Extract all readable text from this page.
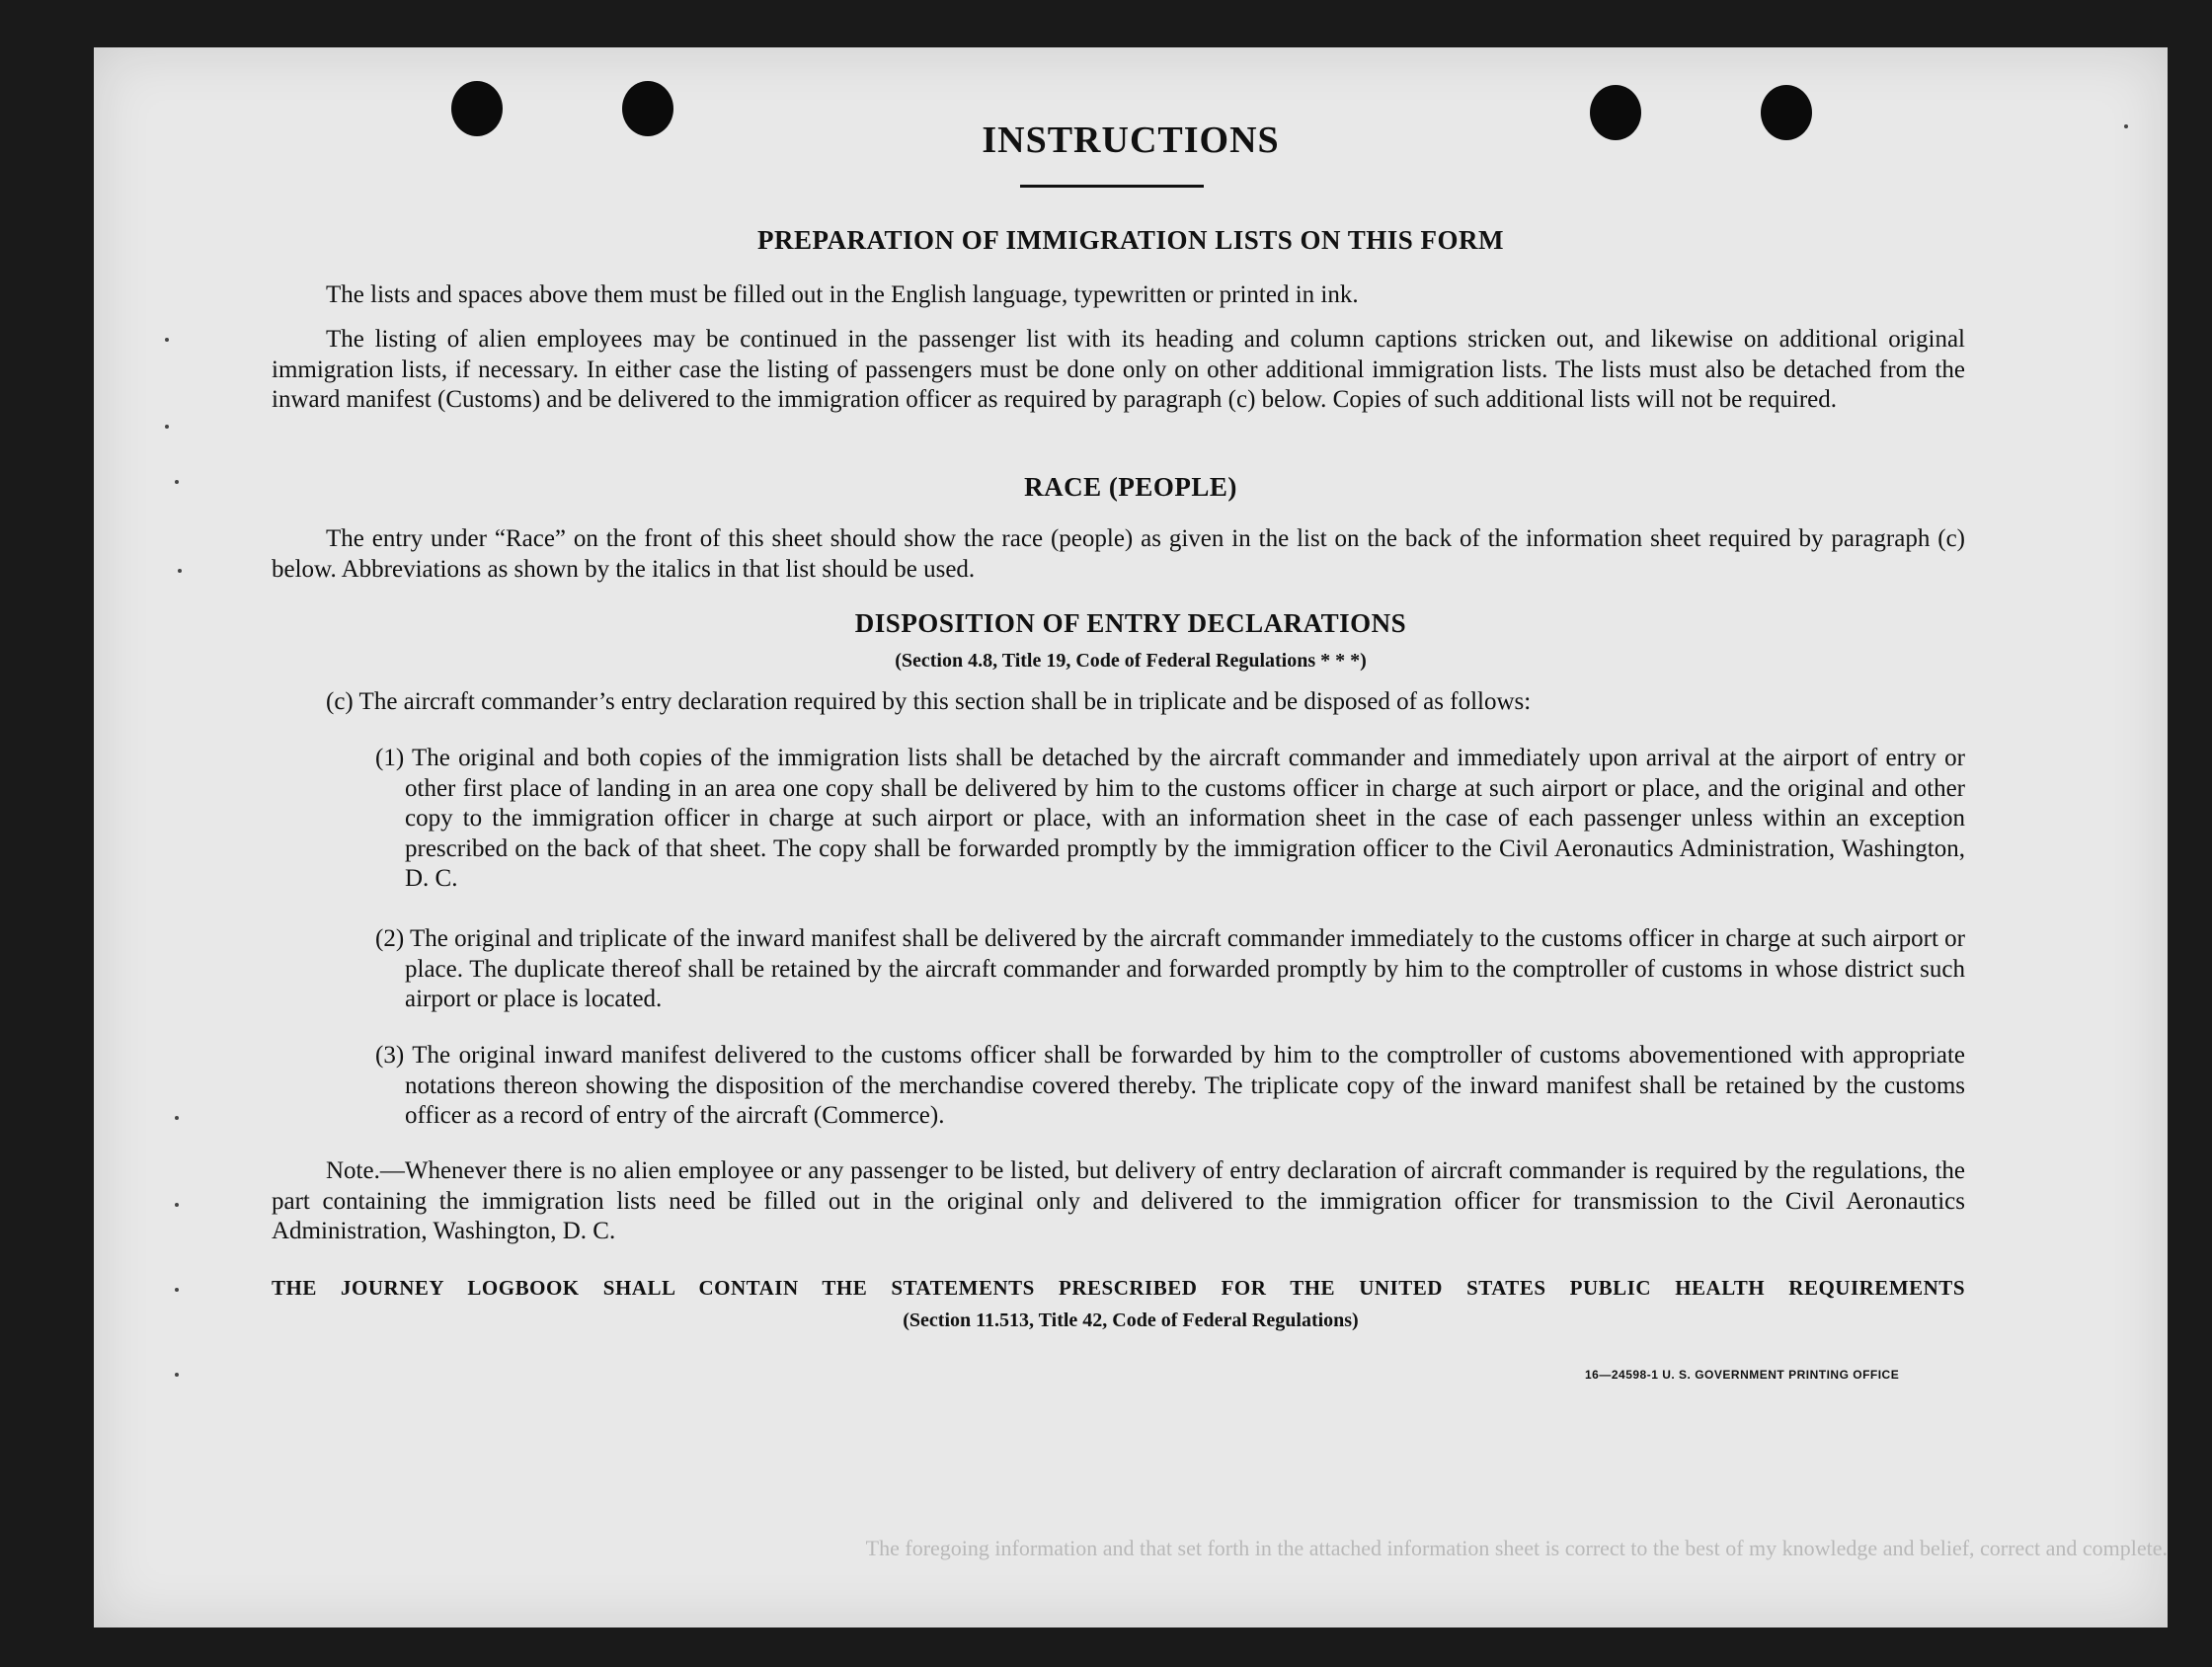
INSTRUCTIONS
PREPARATION OF IMMIGRATION LISTS ON THIS FORM
The lists and spaces above them must be filled out in the English language, typewritten or printed in ink.
The listing of alien employees may be continued in the passenger list with its heading and column captions stricken out, and likewise on additional original immigration lists, if necessary. In either case the listing of passengers must be done only on other additional immigration lists. The lists must also be detached from the inward manifest (Customs) and be delivered to the immigration officer as required by paragraph (c) below. Copies of such additional lists will not be required.
RACE (PEOPLE)
The entry under “Race” on the front of this sheet should show the race (people) as given in the list on the back of the information sheet required by paragraph (c) below. Abbreviations as shown by the italics in that list should be used.
DISPOSITION OF ENTRY DECLARATIONS
(Section 4.8, Title 19, Code of Federal Regulations * * *)
(c) The aircraft commander’s entry declaration required by this section shall be in triplicate and be disposed of as follows:
(1) The original and both copies of the immigration lists shall be detached by the aircraft commander and immediately upon arrival at the airport of entry or other first place of landing in an area one copy shall be delivered by him to the customs officer in charge at such airport or place, and the original and other copy to the immigration officer in charge at such airport or place, with an information sheet in the case of each passenger unless within an exception prescribed on the back of that sheet. The copy shall be forwarded promptly by the immigration officer to the Civil Aeronautics Administration, Washington, D. C.
(2) The original and triplicate of the inward manifest shall be delivered by the aircraft commander immediately to the customs officer in charge at such airport or place. The duplicate thereof shall be retained by the aircraft commander and forwarded promptly by him to the comptroller of customs in whose district such airport or place is located.
(3) The original inward manifest delivered to the customs officer shall be forwarded by him to the comptroller of customs abovementioned with appropriate notations thereon showing the disposition of the merchandise covered thereby. The triplicate copy of the inward manifest shall be retained by the customs officer as a record of entry of the aircraft (Commerce).
Note.—Whenever there is no alien employee or any passenger to be listed, but delivery of entry declaration of aircraft commander is required by the regulations, the part containing the immigration lists need be filled out in the original only and delivered to the immigration officer for transmission to the Civil Aeronautics Administration, Washington, D. C.
THE JOURNEY LOGBOOK SHALL CONTAIN THE STATEMENTS PRESCRIBED FOR THE UNITED STATES PUBLIC HEALTH REQUIREMENTS
(Section 11.513, Title 42, Code of Federal Regulations)
16—24598-1 U. S. GOVERNMENT PRINTING OFFICE
The foregoing information and that set forth in the attached information sheet is correct to the best of my knowledge and belief, correct and complete.
